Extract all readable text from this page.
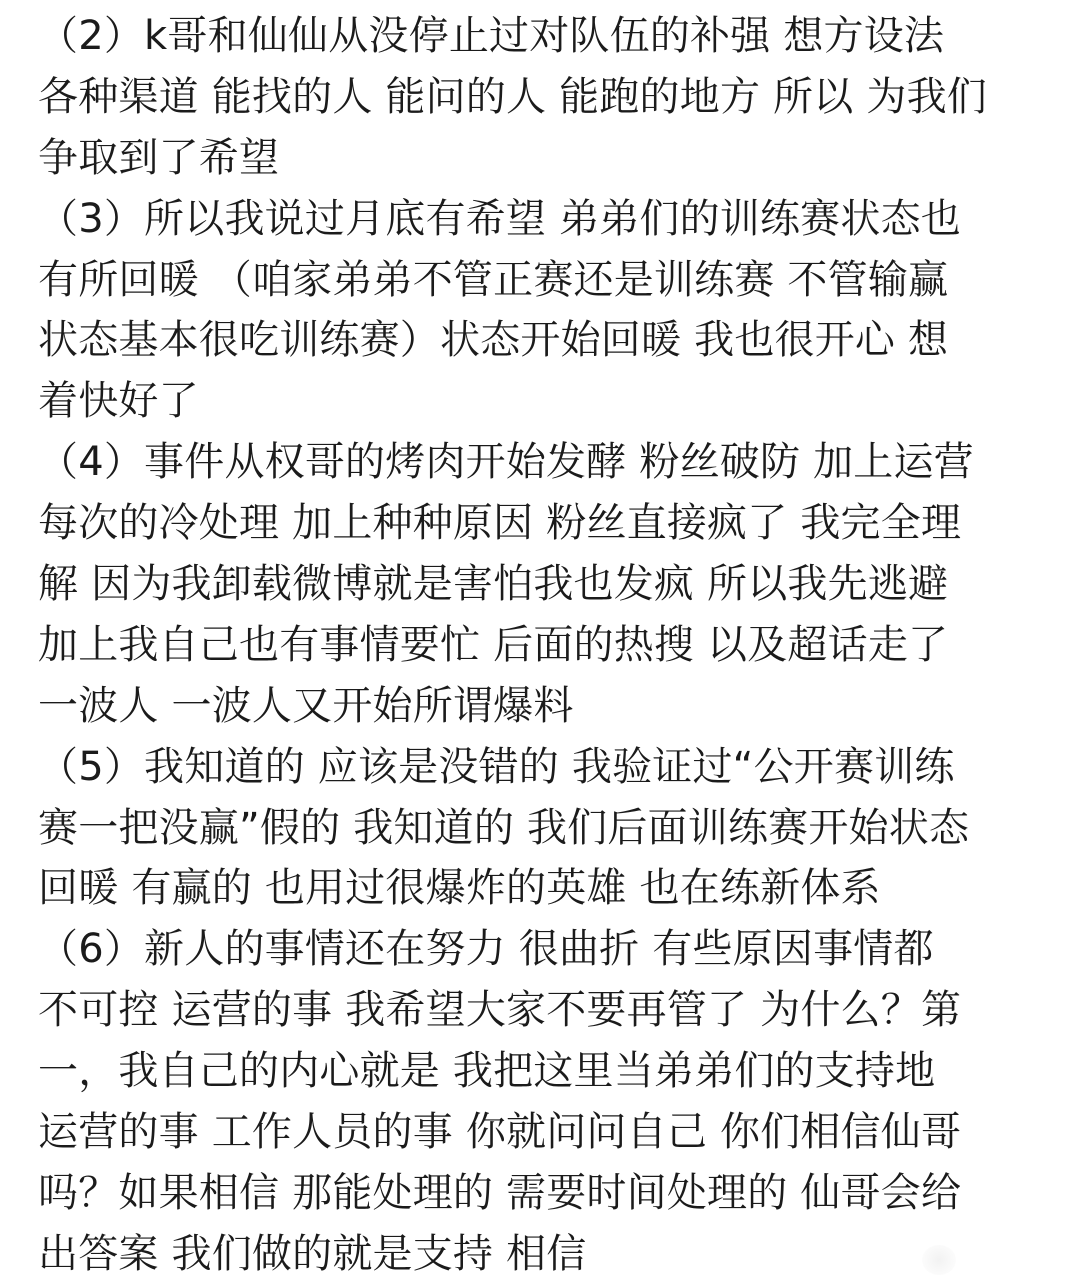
（2）k哥和仙仙从没停止过对队伍的补强 想方设法
各种渠道 能找的人 能问的人 能跑的地方 所以 为我们
争取到了希望
（3）所以我说过月底有希望 弟弟们的训练赛状态也
有所回暖 （咱家弟弟不管正赛还是训练赛 不管输赢
状态基本很吃训练赛）状态开始回暖 我也很开心 想
着快好了
（4）事件从权哥的烤肉开始发酵 粉丝破防 加上运营
每次的冷处理 加上种种原因 粉丝直接疯了 我完全理
解 因为我卸载微博就是害怕我也发疯 所以我先逃避
加上我自己也有事情要忙 后面的热搜 以及超话走了
一波人 一波人又开始所谓爆料
（5）我知道的 应该是没错的 我验证过“公开赛训练
赛一把没赢”假的 我知道的 我们后面训练赛开始状态
回暖 有赢的 也用过很爆炸的英雄 也在练新体系
（6）新人的事情还在努力 很曲折 有些原因事情都
不可控 运营的事 我希望大家不要再管了 为什么？第
一，我自己的内心就是 我把这里当弟弟们的支持地
运营的事 工作人员的事 你就问问自己 你们相信仙哥
吗？如果相信 那能处理的 需要时间处理的 仙哥会给
出答案 我们做的就是支持 相信
